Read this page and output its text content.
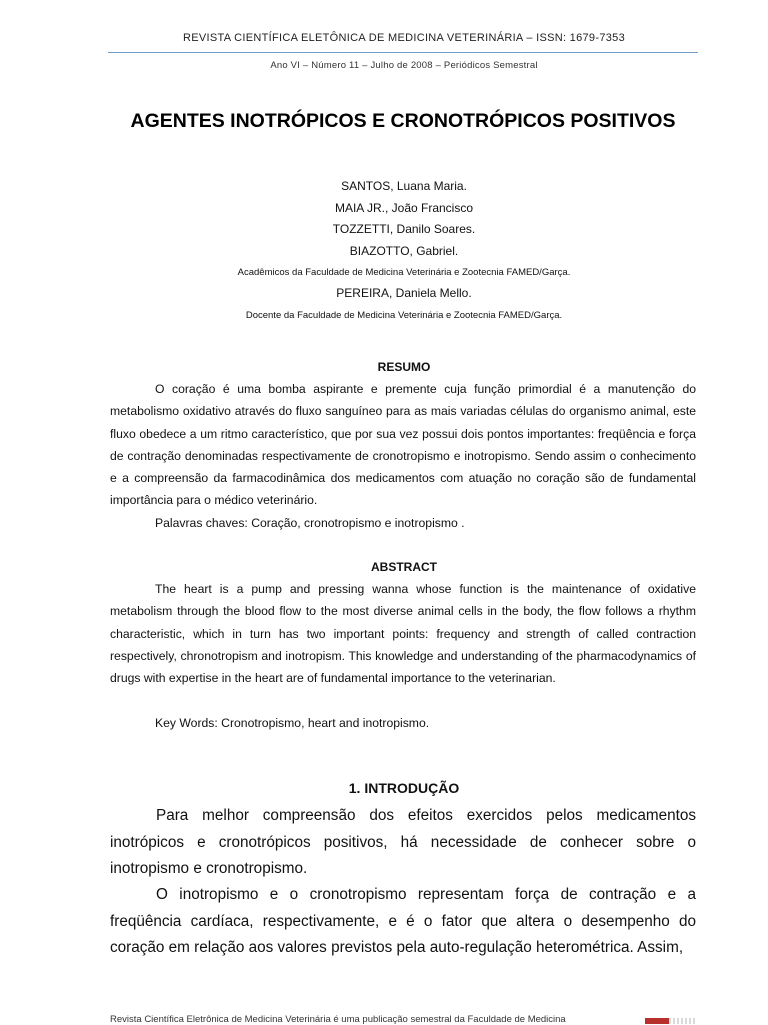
REVISTA CIENTÍFICA ELETÔNICA DE MEDICINA VETERINÁRIA – ISSN: 1679-7353
Ano VI – Número 11 – Julho de 2008 – Periódicos Semestral
AGENTES INOTRÓPICOS E CRONOTRÓPICOS POSITIVOS
SANTOS, Luana Maria.
MAIA JR., João Francisco
TOZZETTI, Danilo Soares.
BIAZOTTO, Gabriel.
Acadêmicos da Faculdade de Medicina Veterinária e Zootecnia FAMED/Garça.
PEREIRA, Daniela Mello.
Docente da Faculdade de Medicina Veterinária e Zootecnia FAMED/Garça.
RESUMO

O coração é uma bomba aspirante e premente cuja função primordial é a manutenção do metabolismo oxidativo através do fluxo sanguíneo para as mais variadas células do organismo animal, este fluxo obedece a um ritmo característico, que por sua vez possui dois pontos importantes: freqüência e força de contração denominadas respectivamente de cronotropismo e inotropismo. Sendo assim o conhecimento e a compreensão da farmacodinâmica dos medicamentos com atuação no coração são de fundamental importância para o médico veterinário.

Palavras chaves: Coração, cronotropismo e inotropismo .
ABSTRACT

The heart is a pump and pressing wanna whose function is the maintenance of oxidative metabolism through the blood flow to the most diverse animal cells in the body, the flow follows a rhythm characteristic, which in turn has two important points: frequency and strength of called contraction respectively, chronotropism and inotropism. This knowledge and understanding of the pharmacodynamics of drugs with expertise in the heart are of fundamental importance to the veterinarian.

Key Words: Cronotropismo, heart and inotropismo.
1. INTRODUÇÃO

Para melhor compreensão dos efeitos exercidos pelos medicamentos inotrópicos e cronotrópicos positivos, há necessidade de conhecer sobre o inotropismo e cronotropismo.

O inotropismo e o cronotropismo representam força de contração e a freqüência cardíaca, respectivamente, e é o fator que altera o desempenho do coração em relação aos valores previstos pela auto-regulação heterométrica. Assim,

Revista Científica Eletrônica de Medicina Veterinária é uma publicação semestral da Faculdade de Medicina
